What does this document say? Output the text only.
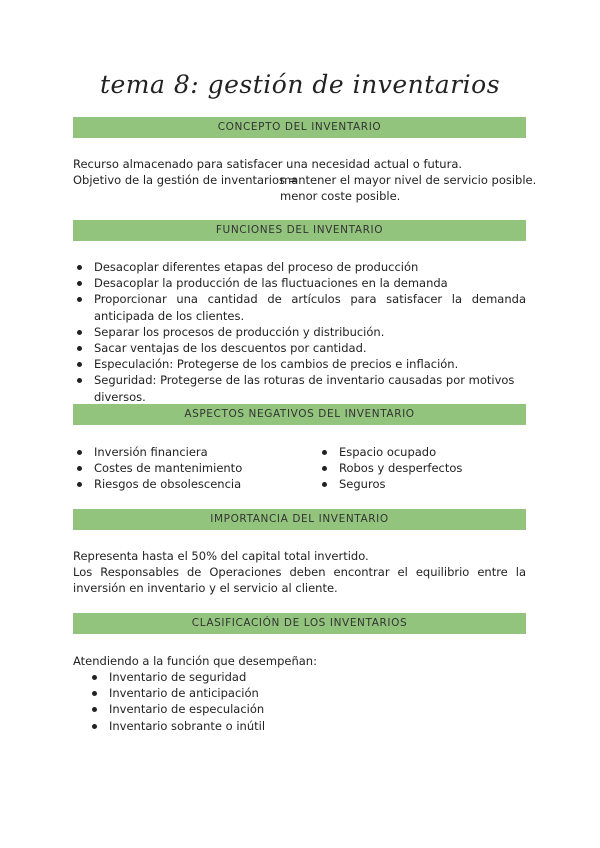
tema 8: gestión de inventarios
CONCEPTO DEL INVENTARIO
Recurso almacenado para satisfacer una necesidad actual o futura.
Objetivo de la gestión de inventarios =
mantener el mayor nivel de servicio posible.
menor coste posible.
FUNCIONES DEL INVENTARIO
Desacoplar diferentes etapas del proceso de producción
Desacoplar la producción de las fluctuaciones en la demanda
Proporcionar una cantidad de artículos para satisfacer la demanda anticipada de los clientes.
Separar los procesos de producción y distribución.
Sacar ventajas de los descuentos por cantidad.
Especulación: Protegerse de los cambios de precios e inflación.
Seguridad: Protegerse de las roturas de inventario causadas por motivos diversos.
ASPECTOS NEGATIVOS DEL INVENTARIO
Inversión financiera
Costes de mantenimiento
Riesgos de obsolescencia
Espacio ocupado
Robos y desperfectos
Seguros
IMPORTANCIA DEL INVENTARIO
Representa hasta el 50% del capital total invertido.
Los Responsables de Operaciones deben encontrar el equilibrio entre la inversión en inventario y el servicio al cliente.
CLASIFICACIÓN DE LOS INVENTARIOS
Atendiendo a la función que desempeñan:
Inventario de seguridad
Inventario de anticipación
Inventario de especulación
Inventario sobrante o inútil
